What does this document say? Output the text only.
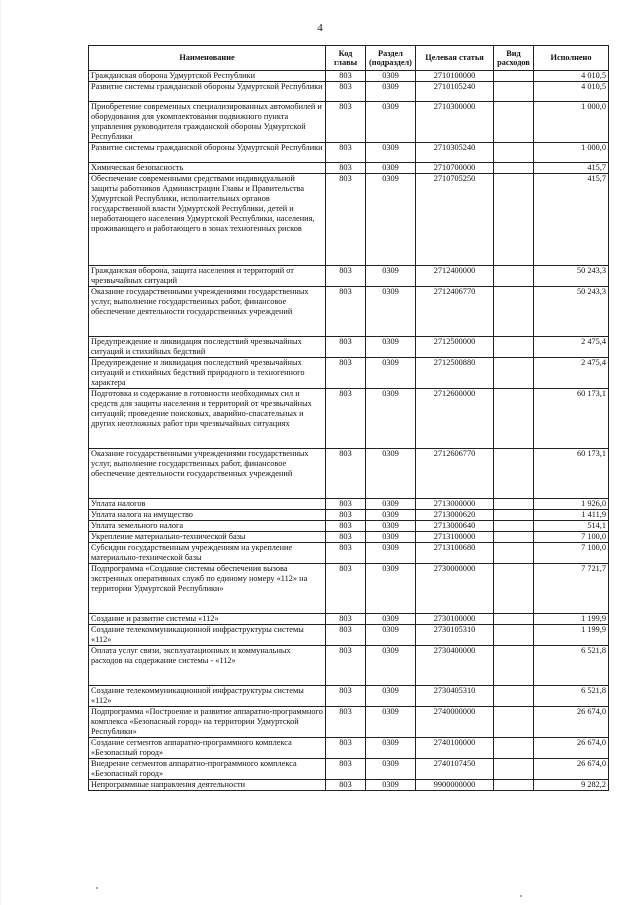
4
Наименование	Код главы	Раздел (подраздел)	Целевая статья	Вид расходов	Исполнено
Гражданская оборона Удмуртской Республики	803	0309	2710100000		4 010,5
Развитие системы гражданской обороны Удмуртской Республики	803	0309	2710105240		4 010,5
Приобретение современных специализированных автомобилей и оборудования для укомплектования подвижного пункта управления руководителя гражданской обороны Удмуртской Республики	803	0309	2710300000		1 000,0
Развитие системы гражданской обороны Удмуртской Республики	803	0309	2710305240		1 000,0
Химическая безопасность	803	0309	2710700000		415,7
Обеспечение современными средствами индивидуальной защиты работников Администрации Главы и Правительства Удмуртской Республики, исполнительных органов государственной власти Удмуртской Республики, детей и неработающего населения Удмуртской Республики, населения, проживающего и работающего в зонах техногенных рисков	803	0309	2710705250		415,7
Гражданская оборона, защита населения и территорий от чрезвычайных ситуаций	803	0309	2712400000		50 243,3
Оказание государственными учреждениями государственных услуг, выполнение государственных работ, финансовое обеспечение деятельности государственных учреждений	803	0309	2712406770		50 243,3
Предупреждение и ликвидация последствий чрезвычайных ситуаций и стихийных бедствий	803	0309	2712500000		2 475,4
Предупреждение и ликвидация последствий чрезвычайных ситуаций и стихийных бедствий природного и техногенного характера	803	0309	2712500880		2 475,4
Подготовка и содержание в готовности необходимых сил и средств для защиты населения и территорий от чрезвычайных ситуаций; проведение поисковых, аварийно-спасательных и других неотложных работ при чрезвычайных ситуациях	803	0309	2712600000		60 173,1
Оказание государственными учреждениями государственных услуг, выполнение государственных работ, финансовое обеспечение деятельности государственных учреждений	803	0309	2712606770		60 173,1
Уплата налогов	803	0309	2713000000		1 926,0
Уплата налога на имущество	803	0309	2713000620		1 411,9
Уплата земельного налога	803	0309	2713000640		514,1
Укрепление материально-технической базы	803	0309	2713100000		7 100,0
Субсидии государственным учреждениям на укрепление материально-технической базы	803	0309	2713100680		7 100,0
Подпрограмма «Создание системы обеспечения вызова экстренных оперативных служб по единому номеру «112» на территории Удмуртской Республики»	803	0309	2730000000		7 721,7
Создание и развитие системы «112»	803	0309	2730100000		1 199,9
Создание телекоммуникационной инфраструктуры системы «112»	803	0309	2730105310		1 199,9
Оплата услуг связи, эксплуатационных и коммунальных расходов на содержание системы - «112»	803	0309	2730400000		6 521,8
Создание телекоммуникационной инфраструктуры системы «112»	803	0309	2730405310		6 521,8
Подпрограмма «Построение и развитие аппаратно-программного комплекса «Безопасный город» на территории Удмуртской Республики»	803	0309	2740000000		26 674,0
Создание сегментов аппаратно-программного комплекса «Безопасный город»	803	0309	2740100000		26 674,0
Внедрение сегментов аппаратно-программного комплекса «Безопасный город»	803	0309	2740107450		26 674,0
Непрограммные направления деятельности	803	0309	9900000000		9 282,2
